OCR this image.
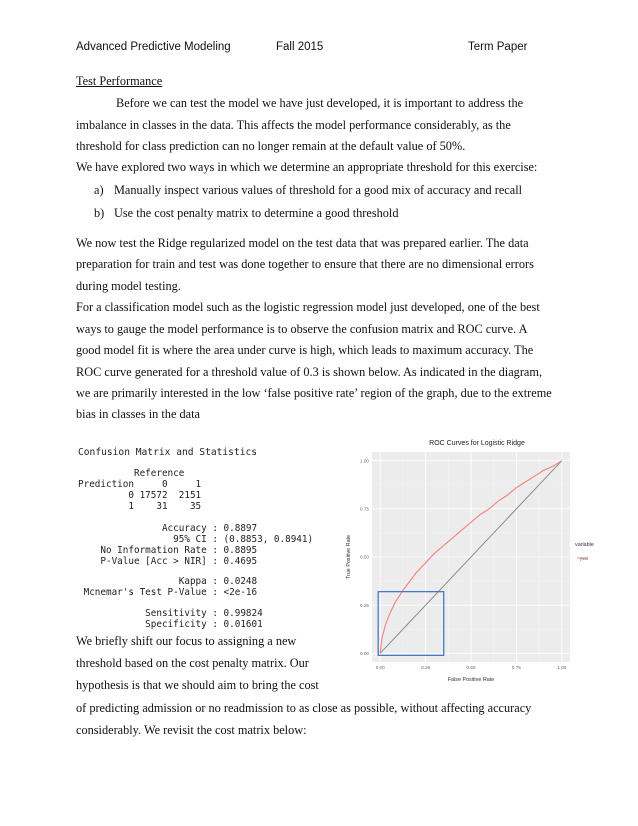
Advanced Predictive Modeling	Fall 2015	Term Paper
Test Performance
Before we can test the model we have just developed, it is important to address the
imbalance in classes in the data. This affects the model performance considerably, as the
threshold for class prediction can no longer remain at the default value of 50%.
We have explored two ways in which we determine an appropriate threshold for this exercise:
a) Manually inspect various values of threshold for a good mix of accuracy and recall
b) Use the cost penalty matrix to determine a good threshold
We now test the Ridge regularized model on the test data that was prepared earlier. The data
preparation for train and test was done together to ensure that there are no dimensional errors
during model testing.
For a classification model such as the logistic regression model just developed, one of the best
ways to gauge the model performance is to observe the confusion matrix and ROC curve. A
good model fit is where the area under curve is high, which leads to maximum accuracy. The
ROC curve generated for a threshold value of 0.3 is shown below. As indicated in the diagram,
we are primarily interested in the low ‘false positive rate’ region of the graph, due to the extreme
bias in classes in the data
Confusion Matrix and Statistics
Reference
Prediction     0     1
0 17572  2151
1    31    35
Accuracy : 0.8897
95% CI : (0.8853, 0.8941)
No Information Rate : 0.8895
P-Value [Acc > NIR] : 0.4695
Kappa : 0.0248
Mcnemar's Test P-Value : <2e-16
Sensitivity : 0.99824
Specificity : 0.01601
ROC Curves for Logistic Ridge
0.00	0.25	0.50	0.75	1.00
0.00
0.25
0.50
0.75
1.00
False Positive Rate
True Positive Rate	variable
yval
We briefly shift our focus to assigning a new
threshold based on the cost penalty matrix. Our
hypothesis is that we should aim to bring the cost
of predicting admission or no readmission to as close as possible, without affecting accuracy
considerably. We revisit the cost matrix below:
